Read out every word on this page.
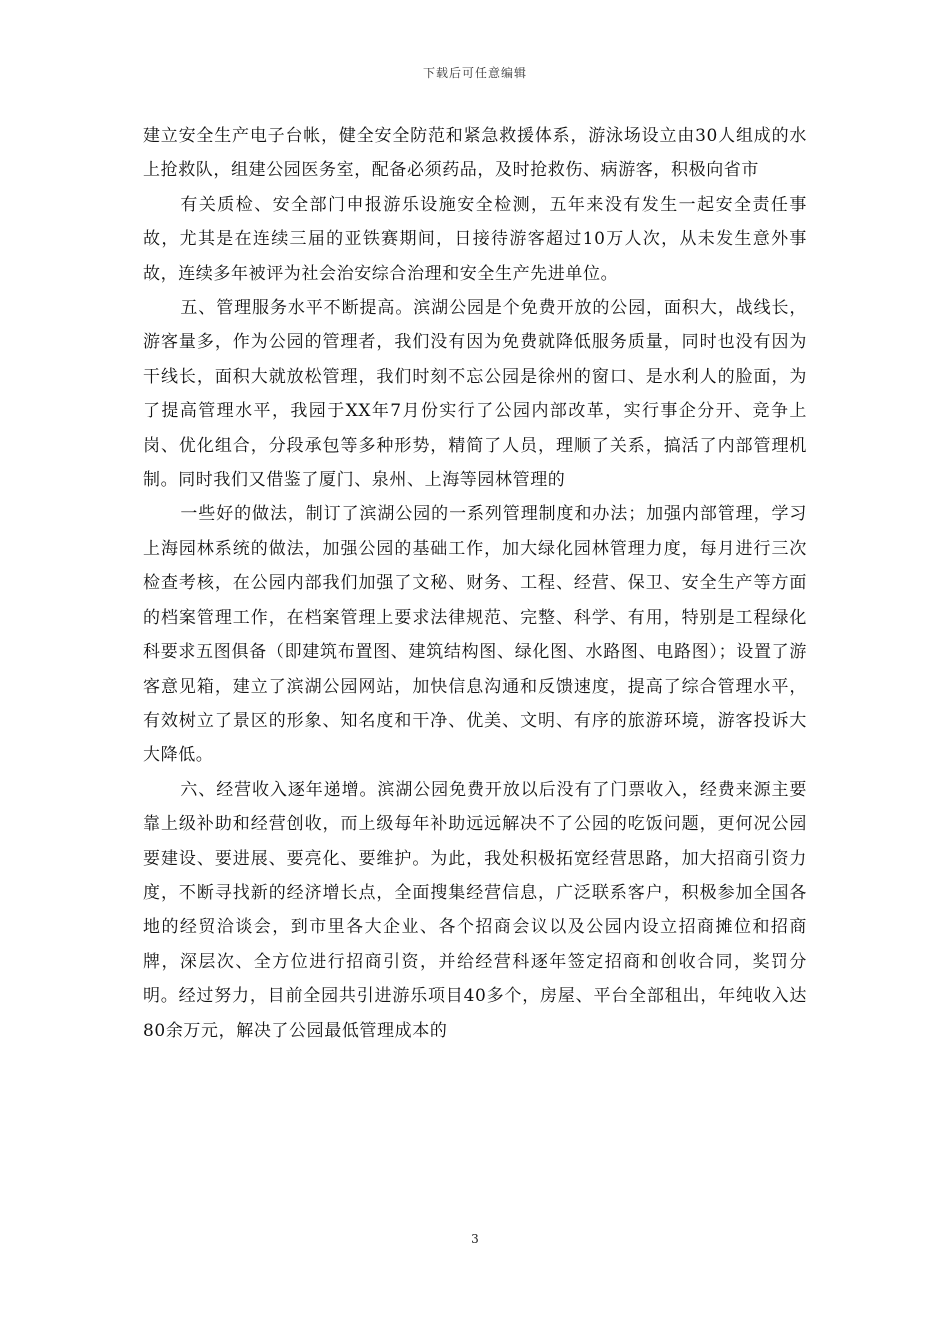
下载后可任意编辑

建立安全生产电子台帐，健全安全防范和紧急救援体系，游泳场设立由30人组成的水上抢救队，组建公园医务室，配备必须药品，及时抢救伤、病游客，积极向省市

有关质检、安全部门申报游乐设施安全检测，五年来没有发生一起安全责任事故，尤其是在连续三届的亚铁赛期间，日接待游客超过10万人次，从未发生意外事故，连续多年被评为社会治安综合治理和安全生产先进单位。

五、管理服务水平不断提高。滨湖公园是个免费开放的公园，面积大，战线长，游客量多，作为公园的管理者，我们没有因为免费就降低服务质量，同时也没有因为干线长，面积大就放松管理，我们时刻不忘公园是徐州的窗口、是水利人的脸面，为了提高管理水平，我园于XX年7月份实行了公园内部改革，实行事企分开、竞争上岗、优化组合，分段承包等多种形势，精简了人员，理顺了关系，搞活了内部管理机制。同时我们又借鉴了厦门、泉州、上海等园林管理的

一些好的做法，制订了滨湖公园的一系列管理制度和办法；加强内部管理，学习上海园林系统的做法，加强公园的基础工作，加大绿化园林管理力度，每月进行三次检查考核，在公园内部我们加强了文秘、财务、工程、经营、保卫、安全生产等方面的档案管理工作，在档案管理上要求法律规范、完整、科学、有用，特别是工程绿化科要求五图俱备（即建筑布置图、建筑结构图、绿化图、水路图、电路图）；设置了游客意见箱，建立了滨湖公园网站，加快信息沟通和反馈速度，提高了综合管理水平，有效树立了景区的形象、知名度和干净、优美、文明、有序的旅游环境，游客投诉大大降低。

六、经营收入逐年递增。滨湖公园免费开放以后没有了门票收入，经费来源主要靠上级补助和经营创收，而上级每年补助远远解决不了公园的吃饭问题，更何况公园要建设、要进展、要亮化、要维护。为此，我处积极拓宽经营思路，加大招商引资力度，不断寻找新的经济增长点，全面搜集经营信息，广泛联系客户，积极参加全国各地的经贸洽谈会，到市里各大企业、各个招商会议以及公园内设立招商摊位和招商牌，深层次、全方位进行招商引资，并给经营科逐年签定招商和创收合同，奖罚分明。经过努力，目前全园共引进游乐项目40多个，房屋、平台全部租出，年纯收入达80余万元，解决了公园最低管理成本的

3
